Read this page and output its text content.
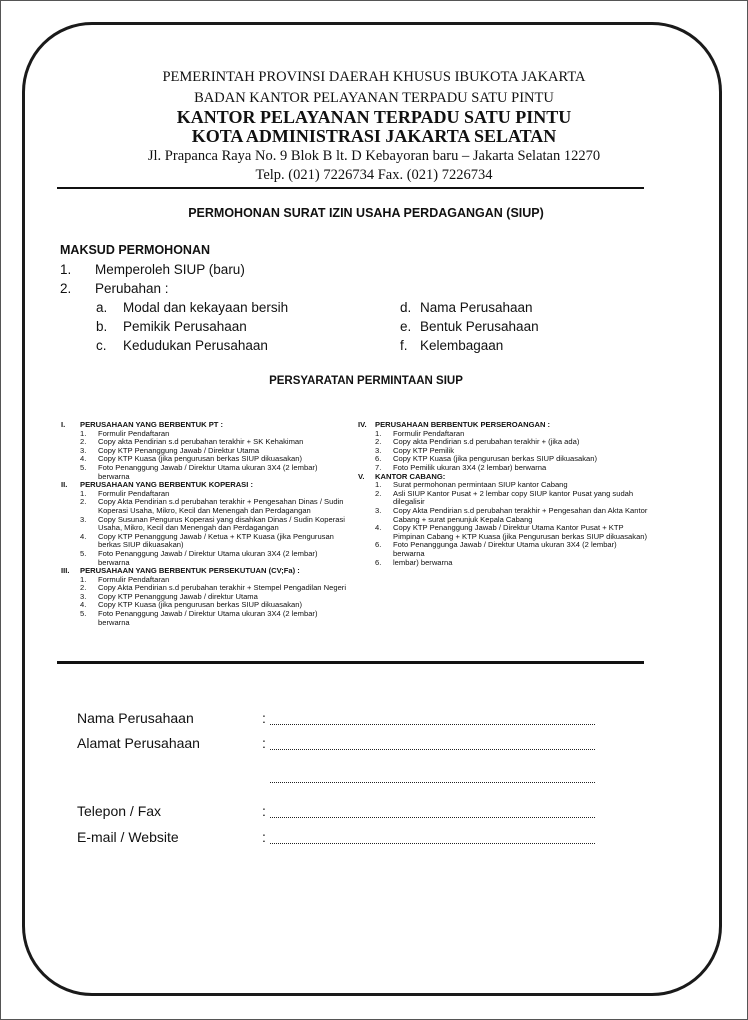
PEMERINTAH PROVINSI DAERAH KHUSUS IBUKOTA JAKARTA
BADAN KANTOR PELAYANAN TERPADU SATU PINTU
KANTOR PELAYANAN TERPADU SATU PINTU
KOTA ADMINISTRASI JAKARTA SELATAN
Jl. Prapanca Raya No. 9 Blok B lt. D Kebayoran baru – Jakarta Selatan 12270
Telp. (021) 7226734 Fax. (021) 7226734
PERMOHONAN SURAT IZIN USAHA PERDAGANGAN (SIUP)
MAKSUD PERMOHONAN
1. Memperoleh SIUP (baru)
2. Perubahan :
a. Modal dan kekayaan bersih
b. Pemikik Perusahaan
c. Kedudukan Perusahaan
d. Nama Perusahaan
e. Bentuk Perusahaan
f. Kelembagaan
PERSYARATAN PERMINTAAN SIUP
I.	PERUSAHAAN YANG BERBENTUK PT :
1.	Formulir Pendaftaran
2.	Copy akta Pendirian s.d perubahan terakhir + SK Kehakiman
3.	Copy KTP Penanggung Jawab / Direktur Utama
4.	Copy KTP Kuasa (jika pengurusan berkas SIUP dikuasakan)
5.	Foto Penanggung Jawab / Direktur Utama ukuran 3X4 (2 lembar) berwarna
II.	PERUSAHAAN YANG BERBENTUK KOPERASI :
1.	Formulir Pendaftaran
2.	Copy Akta Pendirian s.d perubahan terakhir + Pengesahan Dinas / Sudin Koperasi Usaha, Mikro, Kecil dan Menengah dan Perdagangan
3.	Copy Susunan Pengurus Koperasi yang disahkan Dinas / Sudin Koperasi Usaha, Mikro, Kecil dan Menengah dan Perdagangan
4.	Copy KTP Penanggung Jawab / Ketua + KTP Kuasa (jika Pengurusan berkas SIUP dikuasakan)
5.	Foto Penanggung Jawab / Direktur Utama ukuran 3X4 (2 lembar) berwarna
III.	PERUSAHAAN YANG BERBENTUK PERSEKUTUAN (CV;Fa) :
1.	Formulir Pendaftaran
2.	Copy Akta Pendirian s.d perubahan terakhir + Stempel Pengadilan Negeri
3.	Copy KTP Penanggung Jawab / direktur Utama
4.	Copy KTP Kuasa (jika pengurusan berkas SIUP dikuasakan)
5.	Foto Penanggung Jawab / Direktur Utama ukuran 3X4 (2 lembar) berwarna
IV.	PERUSAHAAN BERBENTUK PERSEROANGAN :
1.	Formulir Pendaftaran
2.	Copy akta Pendirian s.d perubahan terakhir + (jika ada)
3.	Copy KTP Pemilik
6.	Copy KTP Kuasa (jika pengurusan berkas SIUP dikuasakan)
7.	Foto Pemilik ukuran 3X4 (2 lembar) berwarna
V.	KANTOR CABANG:
1.	Surat permohonan permintaan SIUP kantor Cabang
2.	Asli SIUP Kantor Pusat + 2 lembar copy SIUP kantor Pusat yang sudah dilegalisir
3.	Copy Akta Pendirian s.d perubahan terakhir + Pengesahan dan Akta Kantor Cabang + surat penunjuk Kepala Cabang
4.	Copy KTP Penanggung Jawab / Direktur Utama Kantor Pusat + KTP Pimpinan Cabang + KTP Kuasa (jika Pengurusan berkas SIUP dikuasakan)
6.	Foto Penanggunga Jawab / Direktur Utama ukuran 3X4 (2 lembar) berwarna
6.	lembar) berwarna
Nama Perusahaan	:
Alamat Perusahaan	:
Telepon / Fax	:
E-mail / Website	:
